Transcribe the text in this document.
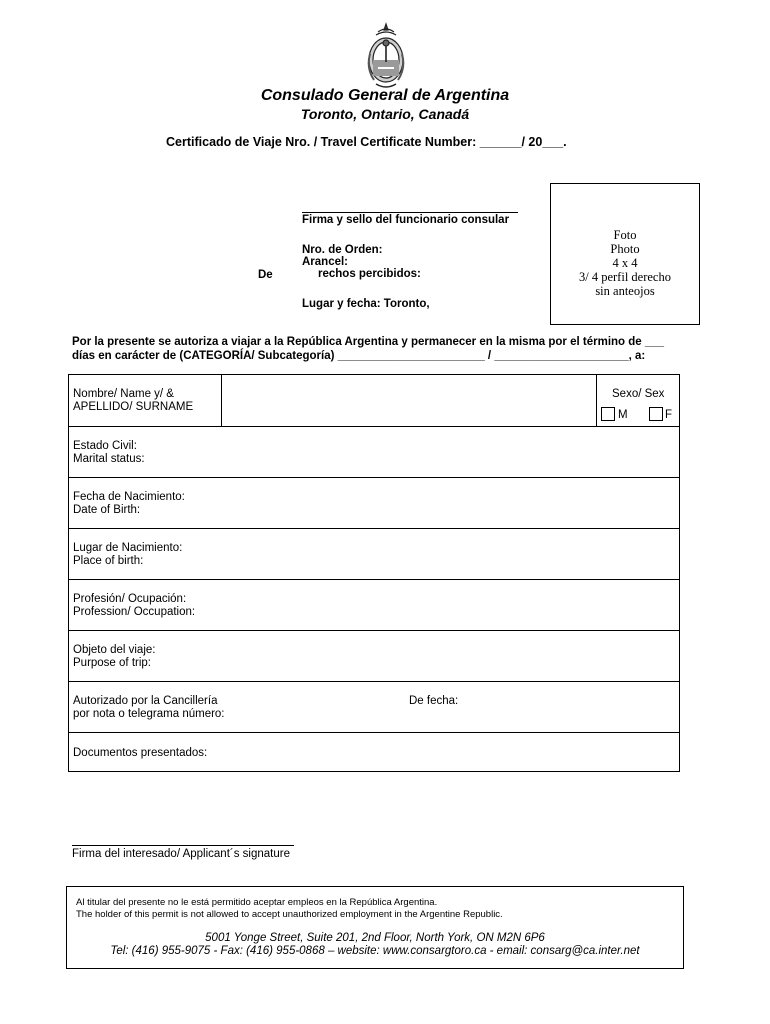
Consulado General de Argentina
Toronto, Ontario, Canadá
Certificado de Viaje Nro. / Travel Certificate Number: ______/ 20___.
Firma y sello del funcionario consular
Nro. de Orden:
Arancel:
De	rechos percibidos:
Lugar y fecha: Toronto,
Foto
Photo
4 x 4
3/ 4 perfil derecho
sin anteojos
Por la presente se autoriza a viajar a la República Argentina y permanecer en la misma por el término de ___
días en carácter de (CATEGORÍA/ Subcategoría) _______________________ / _____________________, a:
Nombre/ Name y/ &
APELLIDO/ SURNAME
Sexo/ Sex
M	F
Estado Civil:
Marital status:
Fecha de Nacimiento:
Date of Birth:
Lugar de Nacimiento:
Place of birth:
Profesión/ Ocupación:
Profession/ Occupation:
Objeto del viaje:
Purpose of trip:
Autorizado por la Cancillería
por nota o telegrama número:
De fecha:
Documentos presentados:
Firma del interesado/ Applicant´s signature
Al titular del presente no le está permitido aceptar empleos en la República Argentina.
The holder of this permit is not allowed to accept unauthorized employment in the Argentine Republic.
5001 Yonge Street, Suite 201, 2nd Floor, North York, ON M2N 6P6
Tel: (416) 955-9075 - Fax: (416) 955-0868 – website: www.consargtoro.ca - email: consarg@ca.inter.net
